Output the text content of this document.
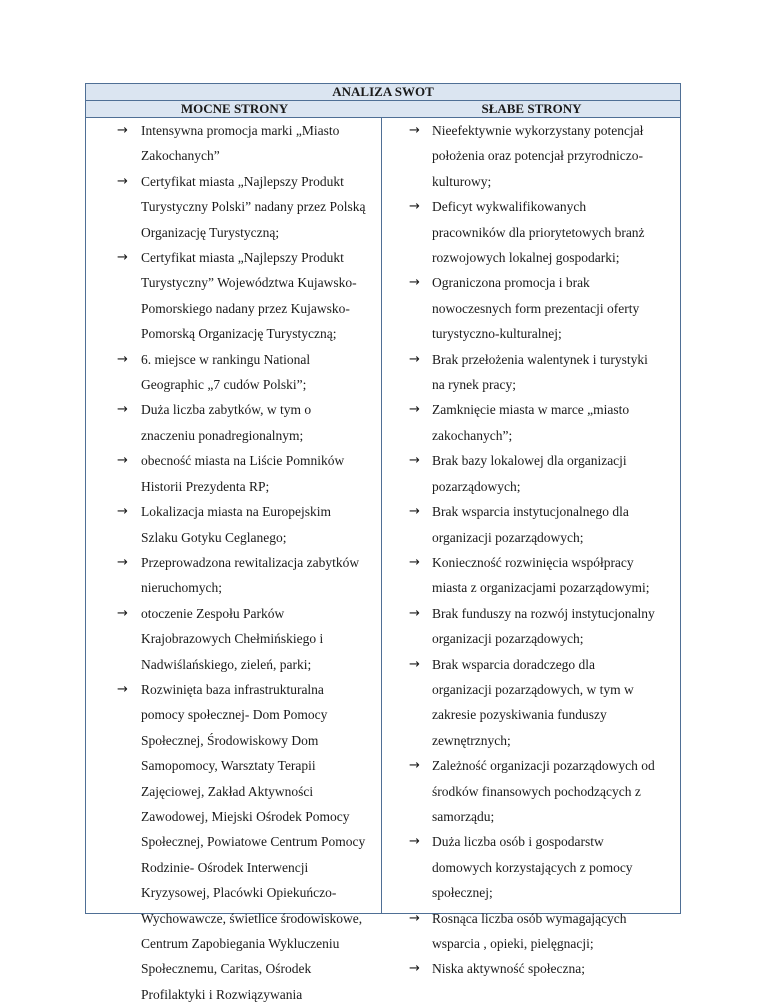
ANALIZA SWOT
MOCNE STRONY	SŁABE STRONY
→ Intensywna promocja marki „Miasto
Zakochanych”
→ Certyfikat miasta „Najlepszy Produkt
Turystyczny Polski” nadany przez Polską
Organizację Turystyczną;
→ Certyfikat miasta „Najlepszy Produkt
Turystyczny” Województwa Kujawsko-
Pomorskiego nadany przez Kujawsko-
Pomorską Organizację Turystyczną;
→ 6. miejsce w rankingu National
Geographic „7 cudów Polski”;
→ Duża liczba zabytków, w tym o
znaczeniu ponadregionalnym;
→ obecność miasta na Liście Pomników
Historii Prezydenta RP;
→ Lokalizacja miasta na Europejskim
Szlaku Gotyku Ceglanego;
→ Przeprowadzona rewitalizacja zabytków
nieruchomych;
→ otoczenie Zespołu Parków
Krajobrazowych Chełmińskiego i
Nadwiślańskiego, zieleń, parki;
→ Rozwinięta baza infrastrukturalna
pomocy społecznej- Dom Pomocy
Społecznej, Środowiskowy Dom
Samopomocy, Warsztaty Terapii
Zajęciowej, Zakład Aktywności
Zawodowej, Miejski Ośrodek Pomocy
Społecznej, Powiatowe Centrum Pomocy
Rodzinie- Ośrodek Interwencji
Kryzysowej, Placówki Opiekuńczo-
Wychowawcze, świetlice środowiskowe,
Centrum Zapobiegania Wykluczeniu
Społecznemu, Caritas, Ośrodek
Profilaktyki i Rozwiązywania
→ Nieefektywnie wykorzystany potencjał
położenia oraz potencjał przyrodniczo-
kulturowy;
→ Deficyt wykwalifikowanych
pracowników dla priorytetowych branż
rozwojowych lokalnej gospodarki;
→ Ograniczona promocja i brak
nowoczesnych form prezentacji oferty
turystyczno-kulturalnej;
→ Brak przełożenia walentynek i turystyki
na rynek pracy;
→ Zamknięcie miasta w marce „miasto
zakochanych”;
→ Brak bazy lokalowej dla organizacji
pozarządowych;
→ Brak wsparcia instytucjonalnego dla
organizacji pozarządowych;
→ Konieczność rozwinięcia współpracy
miasta z organizacjami pozarządowymi;
→ Brak funduszy na rozwój instytucjonalny
organizacji pozarządowych;
→ Brak wsparcia doradczego dla
organizacji pozarządowych, w tym w
zakresie pozyskiwania funduszy
zewnętrznych;
→ Zależność organizacji pozarządowych od
środków finansowych pochodzących z
samorządu;
→ Duża liczba osób i gospodarstw
domowych korzystających z pomocy
społecznej;
→ Rosnąca liczba osób wymagających
wsparcia , opieki, pielęgnacji;
→ Niska aktywność społeczna;
